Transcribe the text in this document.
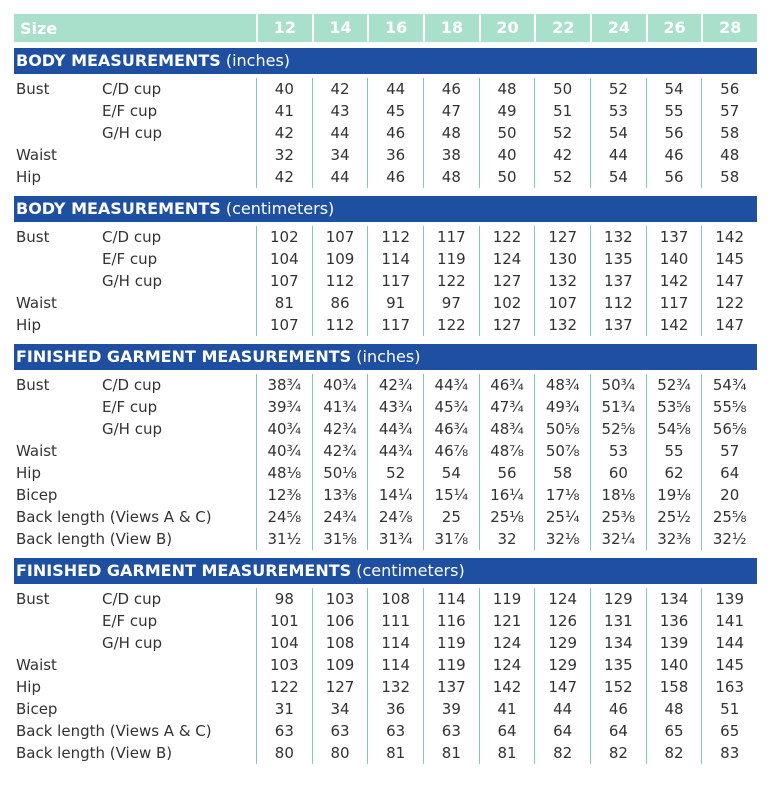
Size	12	14	16	18	20	22	24	26	28
BODY MEASUREMENTS (inches)
Bust	C/D cup	40	42	44	46	48	50	52	54	56
E/F cup	41	43	45	47	49	51	53	55	57
G/H cup	42	44	46	48	50	52	54	56	58
Waist	32	34	36	38	40	42	44	46	48
Hip	42	44	46	48	50	52	54	56	58
BODY MEASUREMENTS (centimeters)
Bust	C/D cup	102	107	112	117	122	127	132	137	142
E/F cup	104	109	114	119	124	130	135	140	145
G/H cup	107	112	117	122	127	132	137	142	147
Waist	81	86	91	97	102	107	112	117	122
Hip	107	112	117	122	127	132	137	142	147
FINISHED GARMENT MEASUREMENTS (inches)
Bust	C/D cup	38¾	40¾	42¾	44¾	46¾	48¾	50¾	52¾	54¾
E/F cup	39¾	41¾	43¾	45¾	47¾	49¾	51¾	53⅝	55⅝
G/H cup	40¾	42¾	44¾	46¾	48¾	50⅝	52⅝	54⅝	56⅝
Waist	40¾	42¾	44¾	46⅞	48⅞	50⅞	53	55	57
Hip	48⅛	50⅛	52	54	56	58	60	62	64
Bicep	12⅜	13⅜	14¼	15¼	16¼	17⅛	18⅛	19⅛	20
Back length (Views A & C)	24⅝	24¾	24⅞	25	25⅛	25¼	25⅜	25½	25⅝
Back length (View B)	31½	31⅝	31¾	31⅞	32	32⅛	32¼	32⅜	32½
FINISHED GARMENT MEASUREMENTS (centimeters)
Bust	C/D cup	98	103	108	114	119	124	129	134	139
E/F cup	101	106	111	116	121	126	131	136	141
G/H cup	104	108	114	119	124	129	134	139	144
Waist	103	109	114	119	124	129	135	140	145
Hip	122	127	132	137	142	147	152	158	163
Bicep	31	34	36	39	41	44	46	48	51
Back length (Views A & C)	63	63	63	63	64	64	64	65	65
Back length (View B)	80	80	81	81	81	82	82	82	83
